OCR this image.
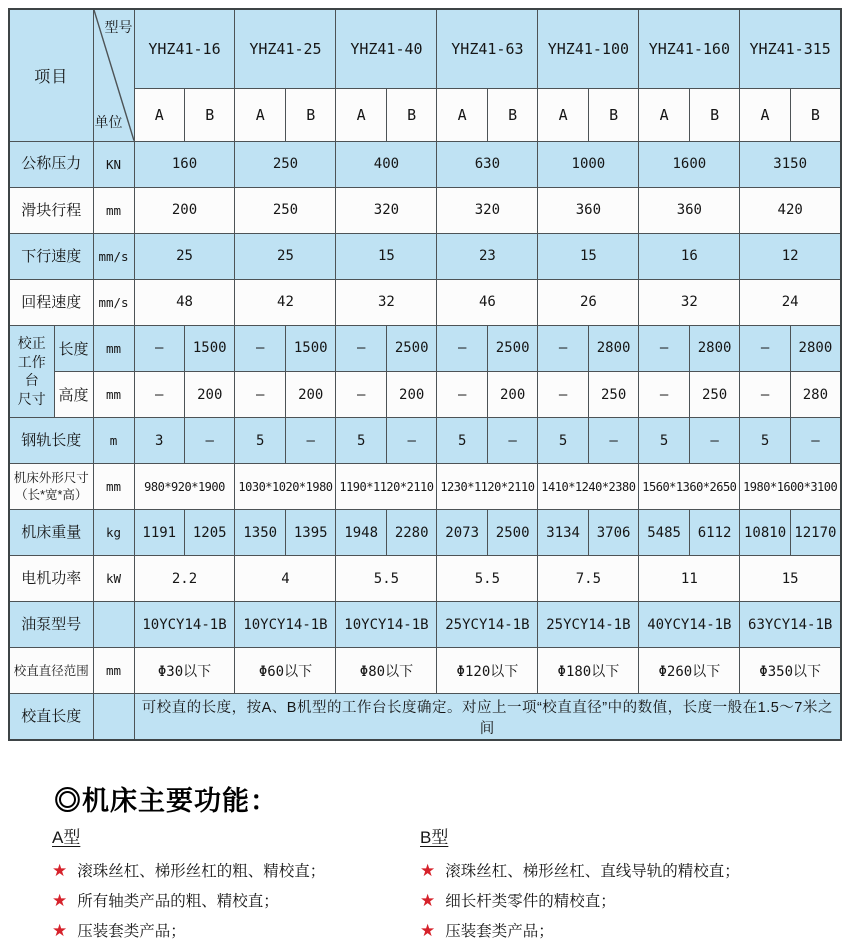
项目		型号
单位	YHZ41-16		YHZ41-25		YHZ41-40		YHZ41-63		YHZ41-100		YHZ41-160		YHZ41-315	
			A	B	A	B	A	B	A	B	A	B	A	B	A	B
公称压力		KN	160		250		400		630		1000		1600		3150	
滑块行程		mm	200		250		320		320		360		360		420	
下行速度		mm/s	25		25		15		23		15		16		12	
回程速度		mm/s	48		42		32		46		26		32		24	
校正
工作台
尺寸	长度	mm	–	1500	–	1500	–	2500	–	2500	–	2800	–	2800	–	2800
	高度	mm	–	200	–	200	–	200	–	200	–	250	–	250	–	280
钢轨长度		m	3	–	5	–	5	–	5	–	5	–	5	–	5	–
机床外形尺寸
（长*宽*高）		mm	980*920*1900		1030*1020*1980		1190*1120*2110		1230*1120*2110		1410*1240*2380		1560*1360*2650		1980*1600*3100	
机床重量		kg	1191	1205	1350	1395	1948	2280	2073	2500	3134	3706	5485	6112	10810	12170
电机功率		kW	2.2		4		5.5		5.5		7.5		11		15	
油泵型号			10YCY14-1B		10YCY14-1B		10YCY14-1B		25YCY14-1B		25YCY14-1B		40YCY14-1B		63YCY14-1B	
校直直径范围		mm	Φ30以下		Φ60以下		Φ80以下		Φ120以下		Φ180以下		Φ260以下		Φ350以下	
校直长度			可校直的长度，按A、B机型的工作台长度确定。对应上一项“校直直径”中的数值，长度一般在1.5～7米之间													
◎机床主要功能：
A型
★ 滚珠丝杠、梯形丝杠的粗、精校直；
★ 所有轴类产品的粗、精校直；
★ 压装套类产品；
B型
★ 滚珠丝杠、梯形丝杠、直线导轨的精校直；
★ 细长杆类零件的精校直；
★ 压装套类产品；
